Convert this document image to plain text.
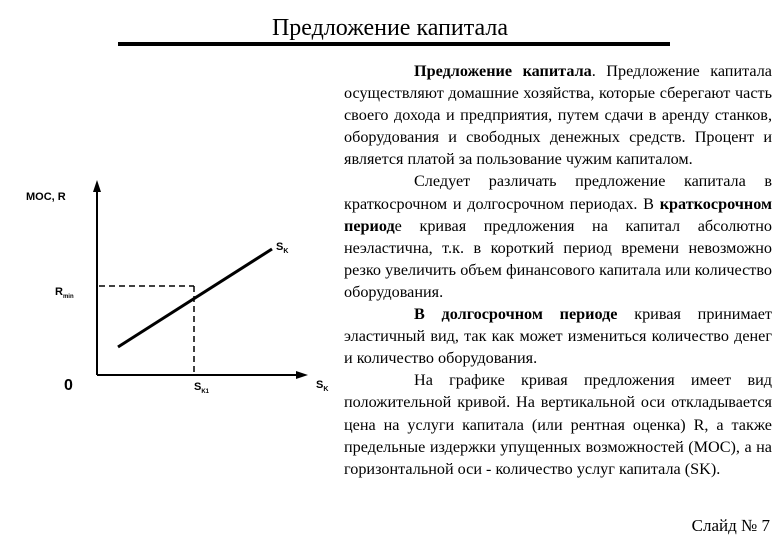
Предложение капитала
MOC, R
0
$R_{min}$
$S_{K1}$
$S_K$
$S_K$

Предложение капитала. Предложение капитала осуществляют домашние хозяйства, которые сберегают часть своего дохода и предприятия, путем сдачи в аренду станков, оборудования и свободных денежных средств. Процент и является платой за пользование чужим капиталом.

Следует различать предложение капитала в краткосрочном и долгосрочном периодах. В краткосрочном периоде кривая предложения на капитал абсолютно неэластична, т.к. в короткий период времени невозможно резко увеличить объем финансового капитала или количество оборудования.

В долгосрочном периоде кривая принимает эластичный вид, так как может измениться количество денег и количество оборудования.

На графике кривая предложения имеет вид положительной кривой. На вертикальной оси откладывается цена на услуги капитала (или рентная оценка) R, а также предельные издержки упущенных возможностей (MOC), а на горизонтальной оси - количество услуг капитала (SK).

Слайд № 7
